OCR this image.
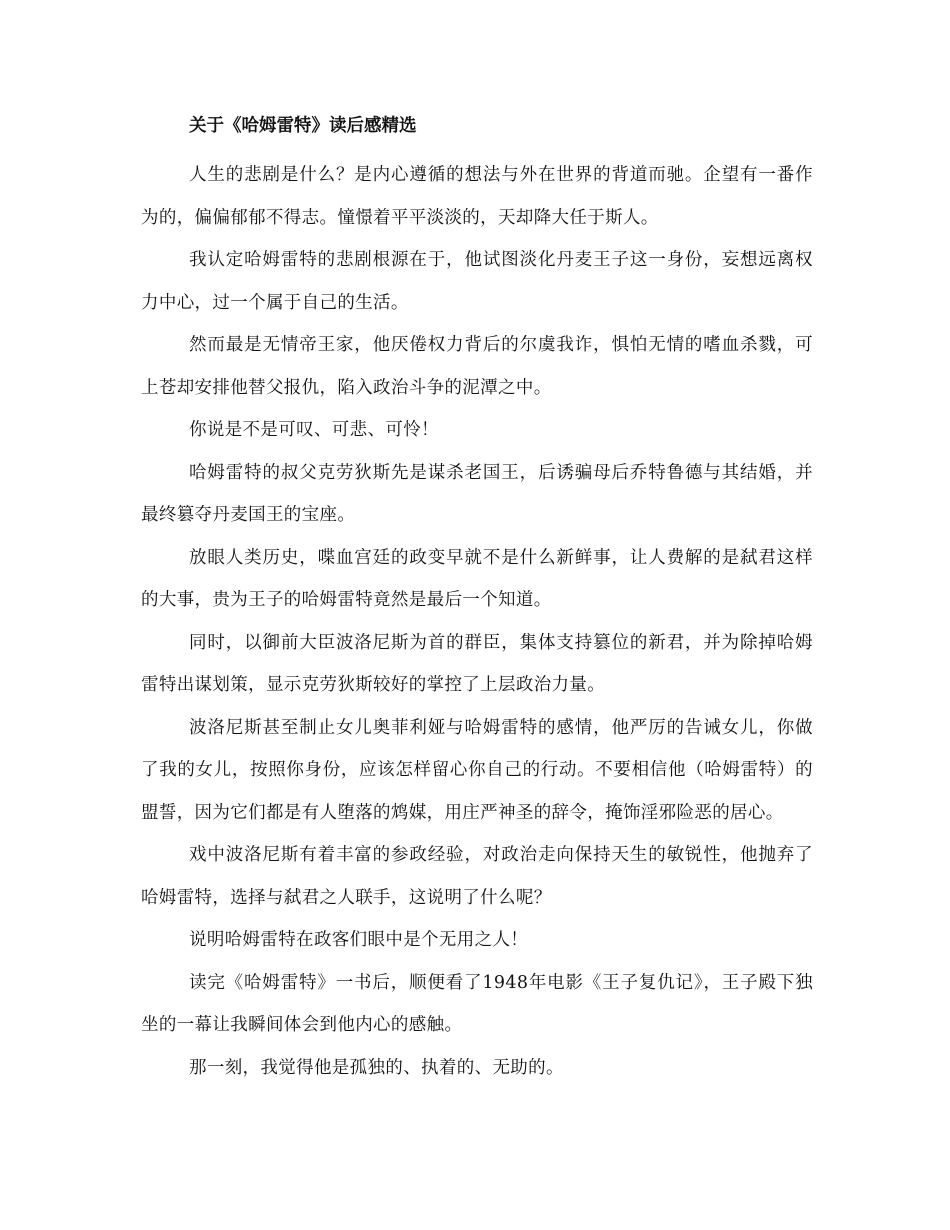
关于《哈姆雷特》读后感精选

人生的悲剧是什么？是内心遵循的想法与外在世界的背道而驰。企望有一番作为的，偏偏郁郁不得志。憧憬着平平淡淡的，天却降大任于斯人。

我认定哈姆雷特的悲剧根源在于，他试图淡化丹麦王子这一身份，妄想远离权力中心，过一个属于自己的生活。

然而最是无情帝王家，他厌倦权力背后的尔虞我诈，惧怕无情的嗜血杀戮，可上苍却安排他替父报仇，陷入政治斗争的泥潭之中。

你说是不是可叹、可悲、可怜！

哈姆雷特的叔父克劳狄斯先是谋杀老国王，后诱骗母后乔特鲁德与其结婚，并最终篡夺丹麦国王的宝座。

放眼人类历史，喋血宫廷的政变早就不是什么新鲜事，让人费解的是弑君这样的大事，贵为王子的哈姆雷特竟然是最后一个知道。

同时，以御前大臣波洛尼斯为首的群臣，集体支持篡位的新君，并为除掉哈姆雷特出谋划策，显示克劳狄斯较好的掌控了上层政治力量。

波洛尼斯甚至制止女儿奥菲利娅与哈姆雷特的感情，他严厉的告诫女儿，你做了我的女儿，按照你身份，应该怎样留心你自己的行动。不要相信他（哈姆雷特）的盟誓，因为它们都是有人堕落的鸩媒，用庄严神圣的辞令，掩饰淫邪险恶的居心。

戏中波洛尼斯有着丰富的参政经验，对政治走向保持天生的敏锐性，他抛弃了哈姆雷特，选择与弑君之人联手，这说明了什么呢？

说明哈姆雷特在政客们眼中是个无用之人！

读完《哈姆雷特》一书后，顺便看了1948年电影《王子复仇记》，王子殿下独坐的一幕让我瞬间体会到他内心的感触。

那一刻，我觉得他是孤独的、执着的、无助的。
